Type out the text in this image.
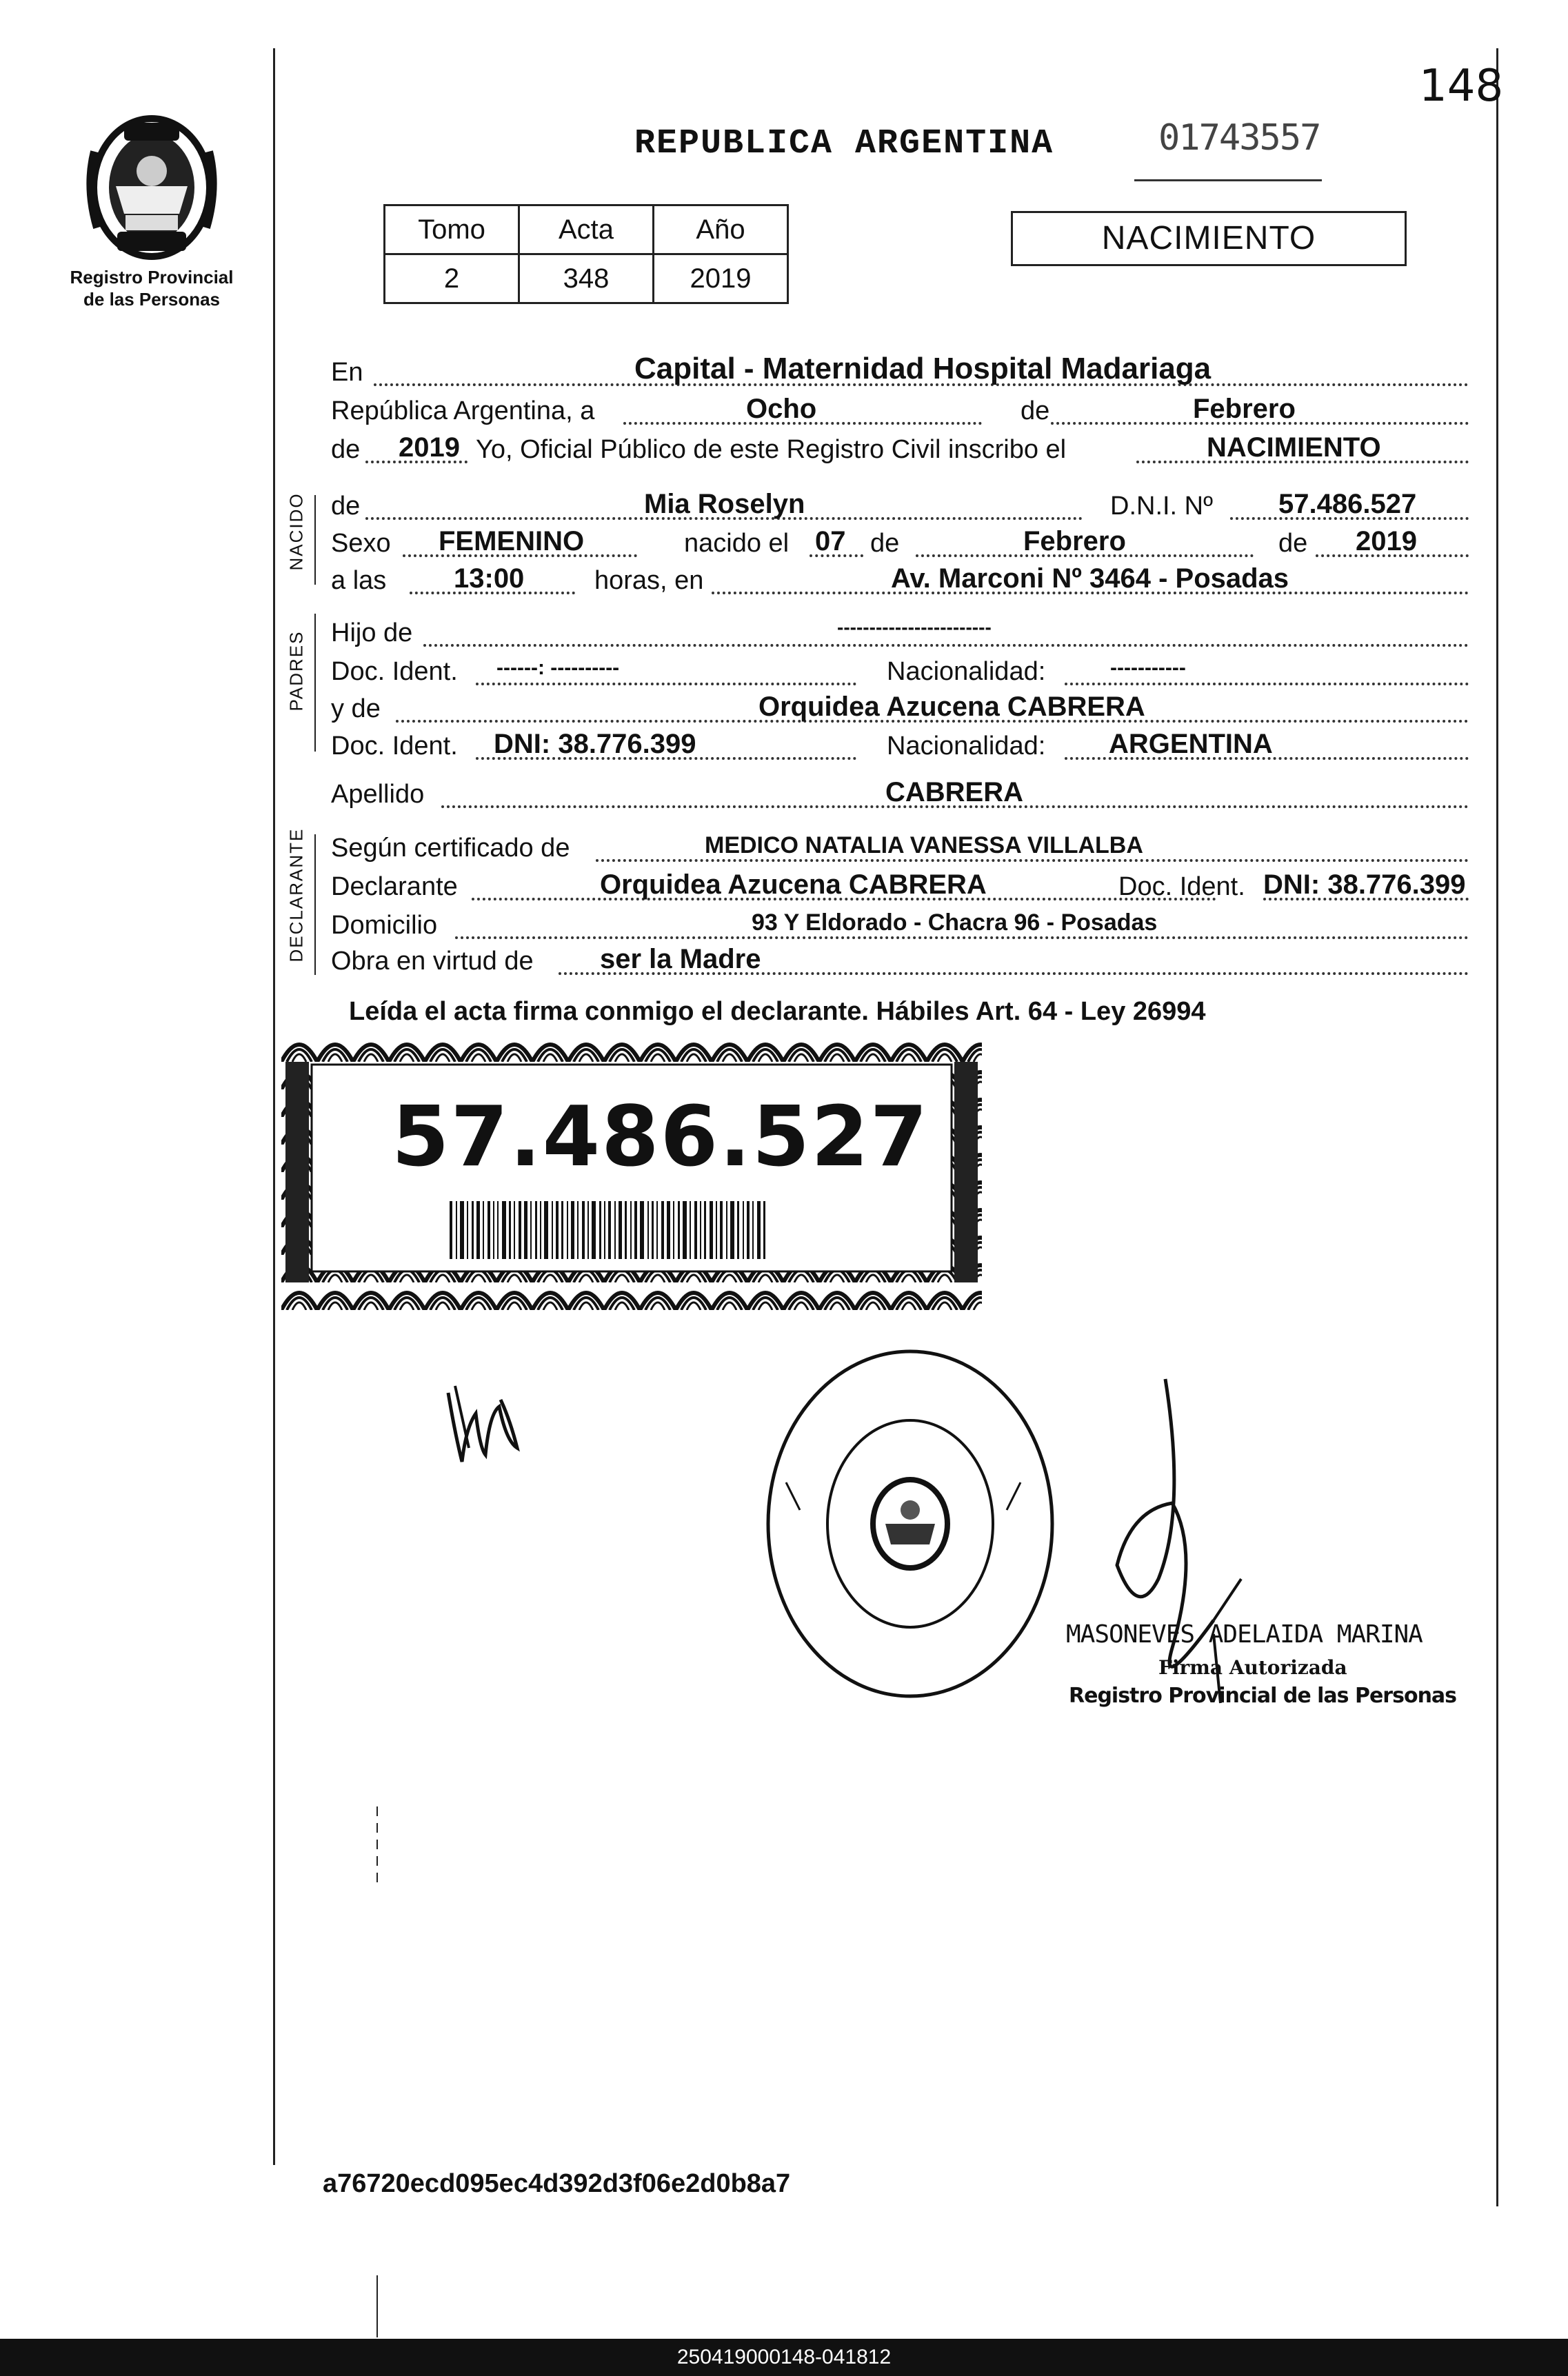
Registro Provincial
de las Personas
148
REPUBLICA ARGENTINA	01743557
Tomo	Acta	Año
2	348	2019
NACIMIENTO
En	Capital - Maternidad Hospital Madariaga
República Argentina, a	Ocho	de	Febrero
de 2019 Yo, Oficial Público de este Registro Civil inscribo el	NACIMIENTO
NACIDO de	Mia Roselyn	D.N.I. Nº 57.486.527
Sexo FEMENINO	nacido el 07 de	Febrero	de 2019
a las 13:00	horas, en	Av. Marconi Nº 3464 - Posadas
PADRES Hijo de	------------------------
Doc. Ident. ------: ----------	Nacionalidad:	-----------
y de	Orquidea Azucena CABRERA
Doc. Ident. DNI: 38.776.399	Nacionalidad: ARGENTINA
Apellido	CABRERA
DECLARANTE Según certificado de	MEDICO NATALIA VANESSA VILLALBA
Declarante	Orquidea Azucena CABRERA	Doc. Ident. DNI: 38.776.399
Domicilio	93 Y Eldorado - Chacra 96 - Posadas
Obra en virtud de ser la Madre
Leída el acta firma conmigo el declarante. Hábiles Art. 64 - Ley 26994
57.486.527
MASONEVES ADELAIDA MARINA
Firma Autorizada
Registro Provincial de las Personas
a76720ecd095ec4d392d3f06e2d0b8a7
250419000148-041812
